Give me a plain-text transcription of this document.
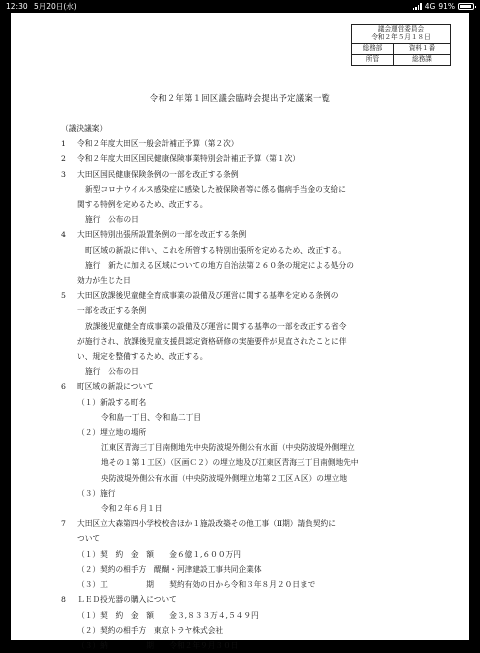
12:30 5月20日(水)	4G 91%
議会運営委員会
令和２年５月１８日
総務部	資料１番
所管	総務課
令和２年第１回区議会臨時会提出予定議案一覧
（議決議案）
1 令和２年度大田区一般会計補正予算（第２次）
2 令和２年度大田区国民健康保険事業特別会計補正予算（第１次）
3 大田区国民健康保険条例の一部を改正する条例
新型コロナウイルス感染症に感染した被保険者等に係る傷病手当金の支給に
関する特例を定めるため、改正する。
施行　公布の日
4 大田区特別出張所設置条例の一部を改正する条例
町区域の新設に伴い、これを所管する特別出張所を定めるため、改正する。
施行　新たに加える区域についての地方自治法第２６０条の規定による処分の
効力が生じた日
5 大田区放課後児童健全育成事業の設備及び運営に関する基準を定める条例の
一部を改正する条例
放課後児童健全育成事業の設備及び運営に関する基準の一部を改正する省令
が施行され、放課後児童支援員認定資格研修の実施要件が見直されたことに伴
い、規定を整備するため、改正する。
施行　公布の日
6 町区域の新設について
（１）新設する町名
令和島一丁目、令和島二丁目
（２）埋立地の場所
江東区青海三丁目南側地先中央防波堤外側公有水面（中央防波堤外側埋立
地その１第１工区）（区画Ｃ２）の埋立地及び江東区青海三丁目南側地先中
央防波堤外側公有水面（中央防波堤外側埋立地第２工区Ａ区）の埋立地
（３）施行
令和２年６月１日
7 大田区立大森第四小学校校舎ほか１施設改築その他工事（Ⅱ期）請負契約に
ついて
（１）契　約　金　額　　金６億１,６００万円
（２）契約の相手方　醍醐・河津建設工事共同企業体
（３）工　　　　　期　　契約有効の日から令和３年８月２０日まで
8 ＬＥＤ投光器の購入について
（１）契　約　金　額　　金３,８３３万４,５４９円
（２）契約の相手方　東京トラヤ株式会社
（３）納　　　　　期　　令和２年９月３０日
